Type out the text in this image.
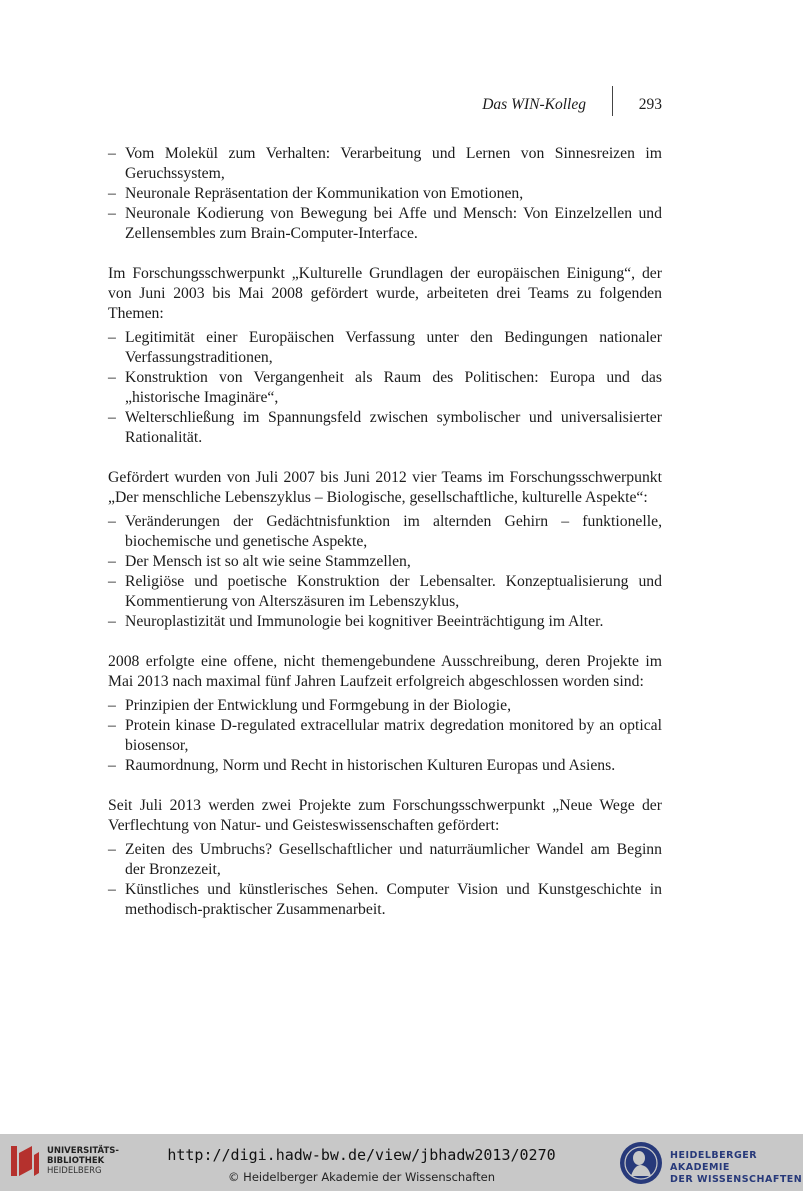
Das WIN-Kolleg	293
– Vom Molekül zum Verhalten: Verarbeitung und Lernen von Sinnesreizen im Geruchssystem,
– Neuronale Repräsentation der Kommunikation von Emotionen,
– Neuronale Kodierung von Bewegung bei Affe und Mensch: Von Einzelzellen und Zellensembles zum Brain-Computer-Interface.

Im Forschungsschwerpunkt „Kulturelle Grundlagen der europäischen Einigung“, der von Juni 2003 bis Mai 2008 gefördert wurde, arbeiteten drei Teams zu folgenden Themen:

– Legitimität einer Europäischen Verfassung unter den Bedingungen nationaler Verfassungstraditionen,
– Konstruktion von Vergangenheit als Raum des Politischen: Europa und das „historische Imaginäre“,
– Welterschließung im Spannungsfeld zwischen symbolischer und universalisierter Rationalität.

Gefördert wurden von Juli 2007 bis Juni 2012 vier Teams im Forschungsschwerpunkt „Der menschliche Lebenszyklus – Biologische, gesellschaftliche, kulturelle Aspekte“:

– Veränderungen der Gedächtnisfunktion im alternden Gehirn – funktionelle, biochemische und genetische Aspekte,
– Der Mensch ist so alt wie seine Stammzellen,
– Religiöse und poetische Konstruktion der Lebensalter. Konzeptualisierung und Kommentierung von Alterszäsuren im Lebenszyklus,
– Neuroplastizität und Immunologie bei kognitiver Beeinträchtigung im Alter.

2008 erfolgte eine offene, nicht themengebundene Ausschreibung, deren Projekte im Mai 2013 nach maximal fünf Jahren Laufzeit erfolgreich abgeschlossen worden sind:

– Prinzipien der Entwicklung und Formgebung in der Biologie,
– Protein kinase D-regulated extracellular matrix degredation monitored by an optical biosensor,
– Raumordnung, Norm und Recht in historischen Kulturen Europas und Asiens.

Seit Juli 2013 werden zwei Projekte zum Forschungsschwerpunkt „Neue Wege der Verflechtung von Natur- und Geisteswissenschaften gefördert:

– Zeiten des Umbruchs? Gesellschaftlicher und naturräumlicher Wandel am Beginn der Bronzezeit,
– Künstliches und künstlerisches Sehen. Computer Vision und Kunstgeschichte in methodisch-praktischer Zusammenarbeit.
UNIVERSITÄTS-
BIBLIOTHEK
HEIDELBERG
http://digi.hadw-bw.de/view/jbhadw2013/0270
© Heidelberger Akademie der Wissenschaften
HEIDELBERGER AKADEMIE
DER WISSENSCHAFTEN
